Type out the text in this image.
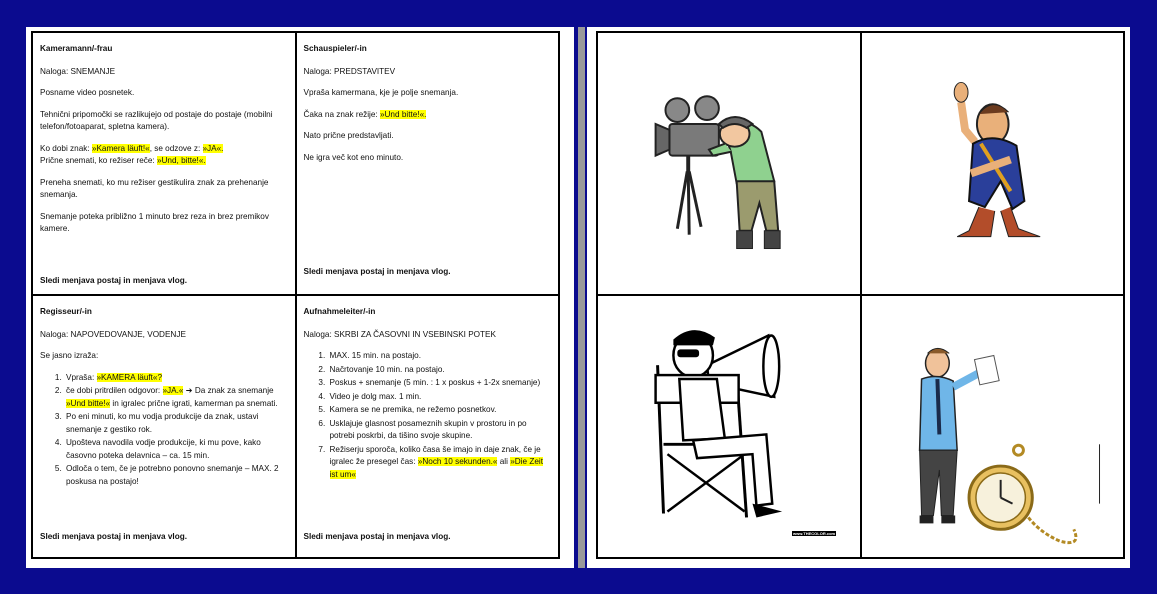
Kameramann/-frau

Naloga: SNEMANJE

Posname video posnetek.

Tehnični pripomočki se razlikujejo od postaje do postaje (mobilni telefon/fotoaparat, spletna kamera).

Ko dobi znak: »Kamera läuft!«, se odzove z: »JA«.
Prične snemati, ko režiser reče: »Und, bitte!«.

Preneha snemati, ko mu režiser gestikulira znak za prehenanje snemanja.

Snemanje poteka približno 1 minuto brez reza in brez premikov kamere.

Sledi menjava postaj in menjava vlog.
Schauspieler/-in

Naloga: PREDSTAVITEV

Vpraša kamermana, kje je polje snemanja.

Čaka na znak režije: »Und bitte!«.

Nato prične predstavljati.

Ne igra več kot eno minuto.

Sledi menjava postaj in menjava vlog.
Regisseur/-in

Naloga: NAPOVEDOVANJE, VODENJE

Se jasno izraža:

1. Vpraša: »KAMERA läuft«?
2. če dobi pritrdilen odgovor: »JA.« ➔ Da znak za snemanje »Und bitte!« in igralec prične igrati, kamerman pa snemati.
3. Po eni minuti, ko mu vodja produkcije da znak, ustavi snemanje z gestiko rok.
4. Upošteva navodila vodje produkcije, ki mu pove, kako časovno poteka delavnica – ca. 15 min.
5. Odloča o tem, če je potrebno ponovno snemanje – MAX. 2 poskusa na postajo!
Sledi menjava postaj in menjava vlog.
Aufnahmeleiter/-in

Naloga: SKRBI ZA ČASOVNI IN VSEBINSKI POTEK

1. MAX. 15 min. na postajo.
2. Načrtovanje 10 min. na postajo.
3. Poskus + snemanje (5 min. : 1 x poskus + 1-2x snemanje)
4. Video je dolg max. 1 min.
5. Kamera se ne premika, ne režemo posnetkov.
6. Usklajuje glasnost posameznih skupin v prostoru in po potrebi poskrbi, da tišino svoje skupine.
7. Režiserju sporoča, koliko časa še imajo in daje znak, če je igralec že presegel čas: »Noch 10 sekunden.« ali »Die Zeit ist um«
Sledi menjava postaj in menjava vlog.	www.THECOLOR.com
